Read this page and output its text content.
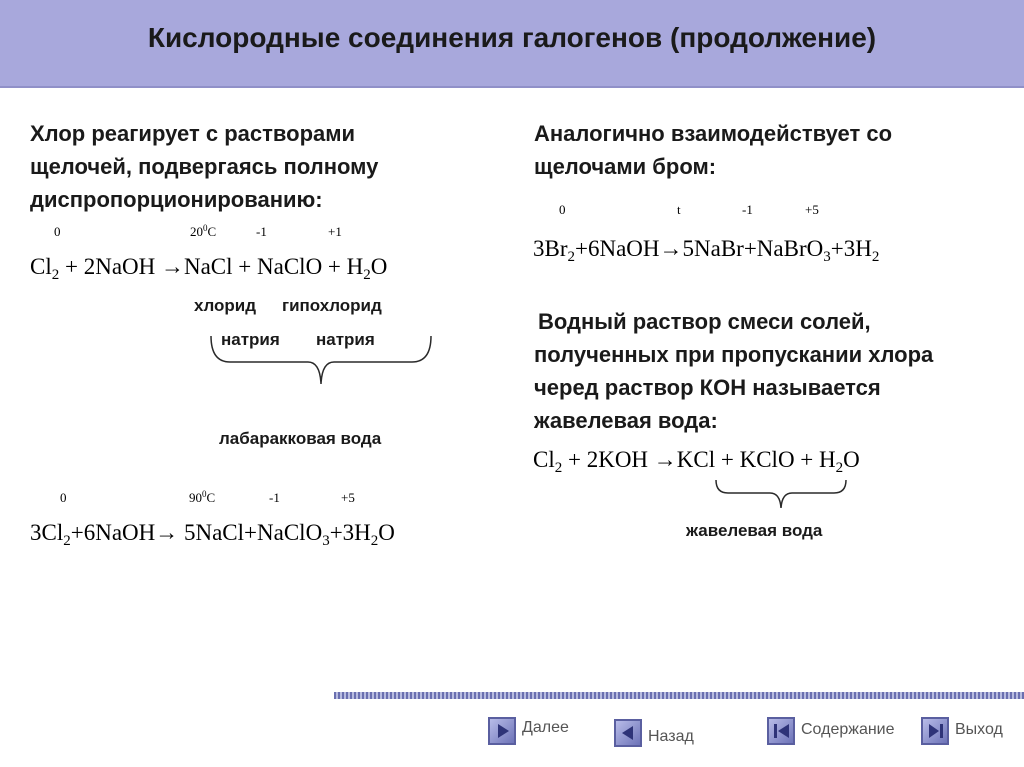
Кислородные соединения галогенов (продолжение)
Хлор реагирует с растворами щелочей, подвергаясь полному диспропорционированию:
0	$20^0C$	-1	+1
$Cl_2$ + 2NaOH →NaCl + NaClO + $H_2O$
хлорид гипохлорид
натрия натрия
лабаракковая вода
0	$90^0C$	-1	+5
$3Cl_2+6NaOH\to$ $5NaCl+NaClO_3+3H_2O$
Аналогично взаимодействует со щелочами бром:
0	t	-1	+5
$3Br_2+6NaOH\to 5NaBr+NaBrO_3+3H_2$
Водный раствор смеси солей, полученных при пропускании хлора черед раствор КОН называется жавелевая вода:
$Cl_2 + 2KOH \to KCl$ + KClO + $H_2O$
жавелевая вода
Далее
Назад	Содержание	Выход
